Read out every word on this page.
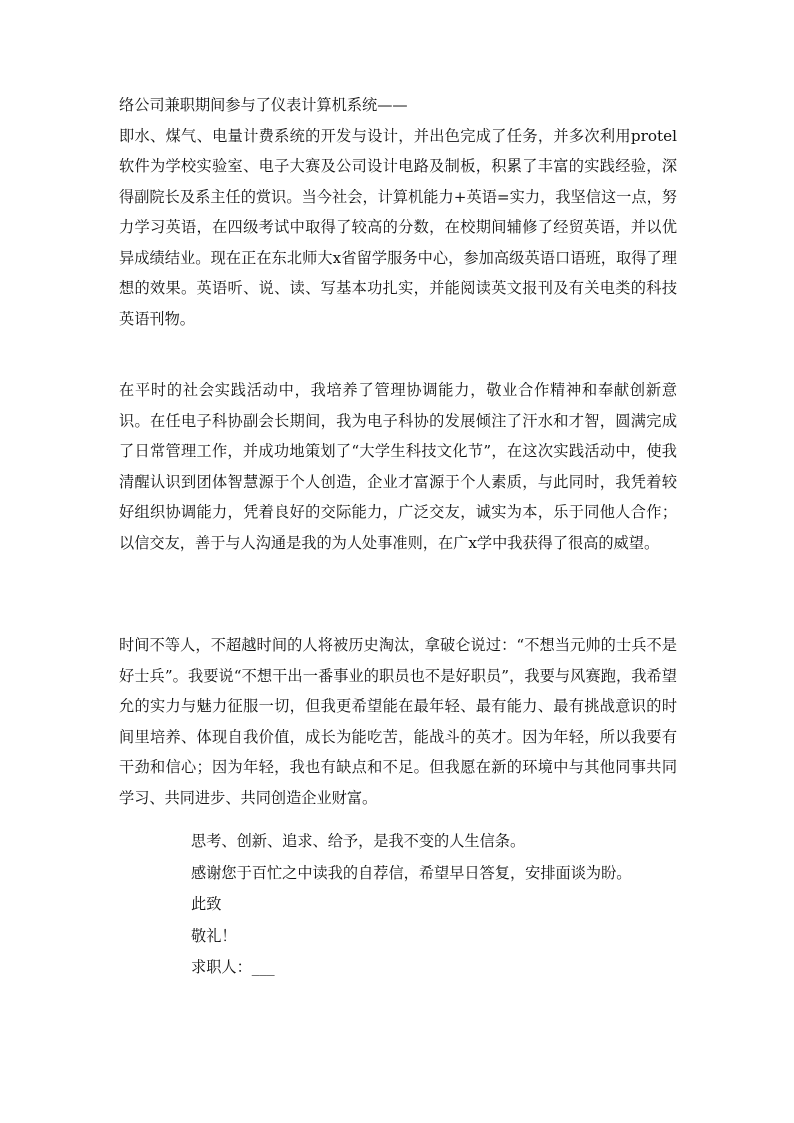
络公司兼职期间参与了仪表计算机系统——
即水、煤气、电量计费系统的开发与设计，并出色完成了任务，并多次利用protel软件为学校实验室、电子大赛及公司设计电路及制板，积累了丰富的实践经验，深得副院长及系主任的赏识。当今社会，计算机能力+英语=实力，我坚信这一点，努力学习英语，在四级考试中取得了较高的分数，在校期间辅修了经贸英语，并以优异成绩结业。现在正在东北师大x省留学服务中心，参加高级英语口语班，取得了理想的效果。英语听、说、读、写基本功扎实，并能阅读英文报刊及有关电类的科技英语刊物。
在平时的社会实践活动中，我培养了管理协调能力，敬业合作精神和奉献创新意识。在任电子科协副会长期间，我为电子科协的发展倾注了汗水和才智，圆满完成了日常管理工作，并成功地策划了“大学生科技文化节”，在这次实践活动中，使我清醒认识到团体智慧源于个人创造，企业才富源于个人素质，与此同时，我凭着较好组织协调能力，凭着良好的交际能力，广泛交友，诚实为本，乐于同他人合作；以信交友，善于与人沟通是我的为人处事准则，在广x学中我获得了很高的威望。
时间不等人，不超越时间的人将被历史淘汰，拿破仑说过：“不想当元帅的士兵不是好士兵”。我要说“不想干出一番事业的职员也不是好职员”，我要与风赛跑，我希望允的实力与魅力征服一切，但我更希望能在最年轻、最有能力、最有挑战意识的时间里培养、体现自我价值，成长为能吃苦，能战斗的英才。因为年轻，所以我要有干劲和信心；因为年轻，我也有缺点和不足。但我愿在新的环境中与其他同事共同学习、共同进步、共同创造企业财富。
思考、创新、追求、给予，是我不变的人生信条。
感谢您于百忙之中读我的自荐信，希望早日答复，安排面谈为盼。
此致
敬礼！
求职人：___
